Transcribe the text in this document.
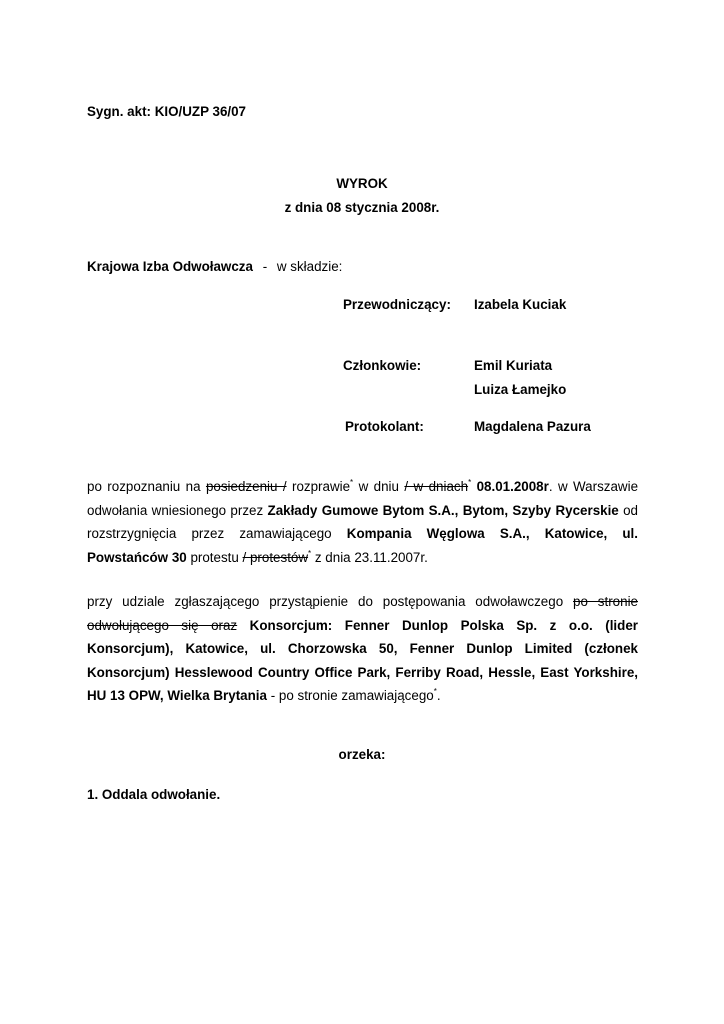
Sygn. akt: KIO/UZP 36/07
WYROK
z dnia 08 stycznia 2008r.
Krajowa Izba Odwoławcza - w składzie:
Przewodniczący: Izabela Kuciak
Członkowie:	Emil Kuriata
Luiza Łamejko
Protokolant:	Magdalena Pazura
po rozpoznaniu na posiedzeniu / rozprawie* w dniu / w dniach* 08.01.2008r. w Warszawie odwołania wniesionego przez Zakłady Gumowe Bytom S.A., Bytom, Szyby Rycerskie od rozstrzygnięcia przez zamawiającego Kompania Węglowa S.A., Katowice, ul. Powstańców 30 protestu / protestów* z dnia 23.11.2007r.
przy udziale zgłaszającego przystąpienie do postępowania odwoławczego po stronie odwołującego się oraz Konsorcjum: Fenner Dunlop Polska Sp. z o.o. (lider Konsorcjum), Katowice, ul. Chorzowska 50, Fenner Dunlop Limited (członek Konsorcjum) Hesslewood Country Office Park, Ferriby Road, Hessle, East Yorkshire, HU 13 OPW, Wielka Brytania - po stronie zamawiającego*.
orzeka:
1. Oddala odwołanie.
